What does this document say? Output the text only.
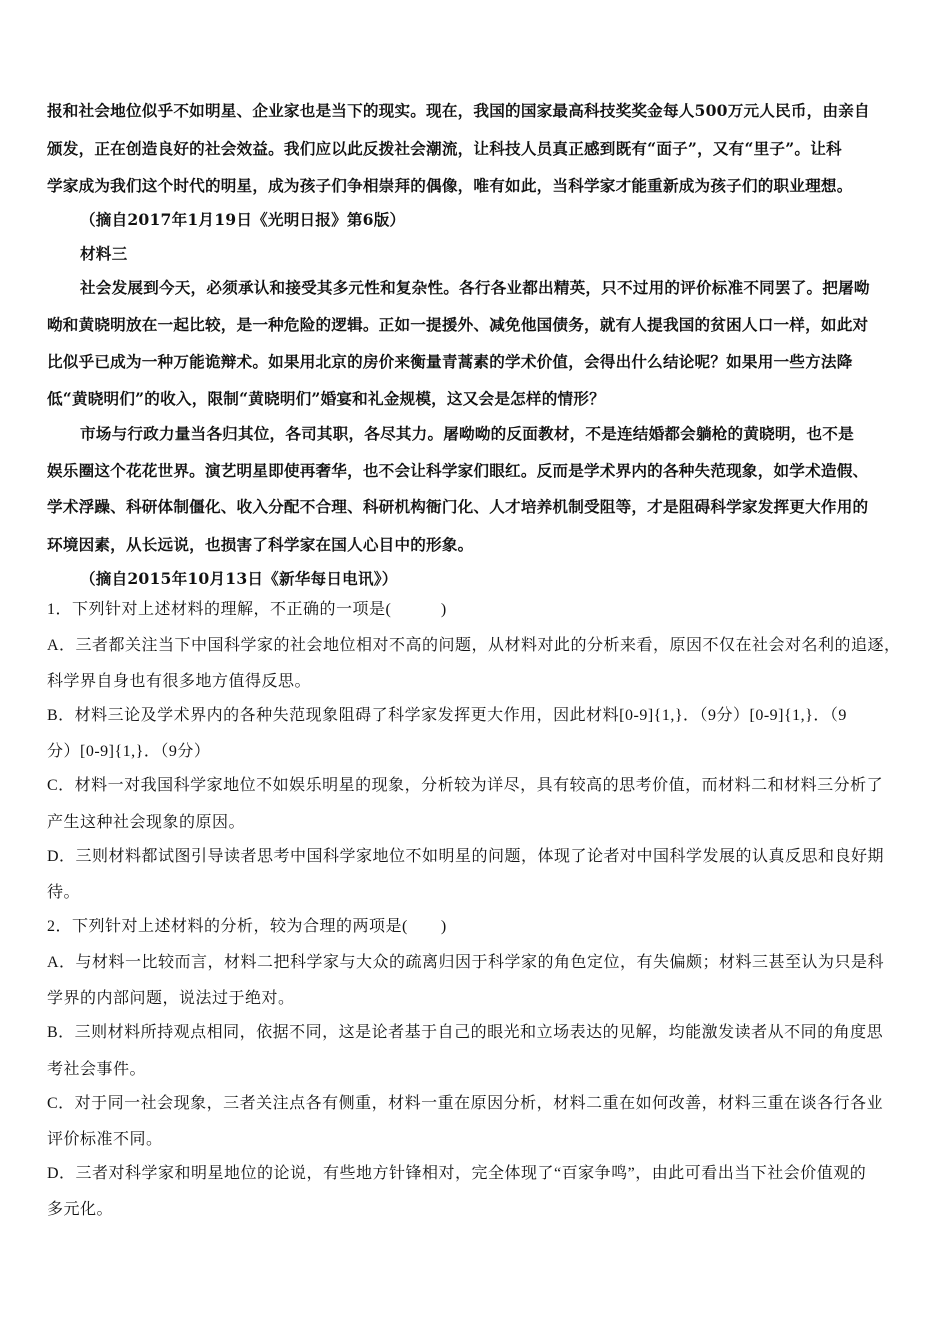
报和社会地位似乎不如明星、企业家也是当下的现实。现在，我国的国家最高科技奖奖金每人500万元人民币，由亲自
颁发，正在创造良好的社会效益。我们应以此反拨社会潮流，让科技人员真正感到既有“面子”，又有“里子”。让科
学家成为我们这个时代的明星，成为孩子们争相崇拜的偶像，唯有如此，当科学家才能重新成为孩子们的职业理想。
（摘自2017年1月19日《光明日报》第6版）
材料三
社会发展到今天，必须承认和接受其多元性和复杂性。各行各业都出精英，只不过用的评价标准不同罢了。把屠呦
呦和黄晓明放在一起比较，是一种危险的逻辑。正如一提援外、减免他国债务，就有人提我国的贫困人口一样，如此对
比似乎已成为一种万能诡辩术。如果用北京的房价来衡量青蒿素的学术价值，会得出什么结论呢？如果用一些方法降
低“黄晓明们”的收入，限制“黄晓明们”婚宴和礼金规模，这又会是怎样的情形？
市场与行政力量当各归其位，各司其职，各尽其力。屠呦呦的反面教材，不是连结婚都会躺枪的黄晓明，也不是
娱乐圈这个花花世界。演艺明星即使再奢华，也不会让科学家们眼红。反而是学术界内的各种失范现象，如学术造假、
学术浮躁、科研体制僵化、收入分配不合理、科研机构衙门化、人才培养机制受阻等，才是阻碍科学家发挥更大作用的
环境因素，从长远说，也损害了科学家在国人心目中的形象。
（摘自2015年10月13日《新华每日电讯》）
1．下列针对上述材料的理解，不正确的一项是(　　　)
A．三者都关注当下中国科学家的社会地位相对不高的问题，从材料对此的分析来看，原因不仅在社会对名利的追逐，
科学界自身也有很多地方值得反思。
B．材料三论及学术界内的各种失范现象阻碍了科学家发挥更大作用，因此材料[0-9]{1,}．（9分）[0-9]{1,}．（9
分）[0-9]{1,}．（9分）
C．材料一对我国科学家地位不如娱乐明星的现象，分析较为详尽，具有较高的思考价值，而材料二和材料三分析了
产生这种社会现象的原因。
D．三则材料都试图引导读者思考中国科学家地位不如明星的问题，体现了论者对中国科学发展的认真反思和良好期
待。
2．下列针对上述材料的分析，较为合理的两项是(　　)
A．与材料一比较而言，材料二把科学家与大众的疏离归因于科学家的角色定位，有失偏颇；材料三甚至认为只是科
学界的内部问题，说法过于绝对。
B．三则材料所持观点相同，依据不同，这是论者基于自己的眼光和立场表达的见解，均能激发读者从不同的角度思
考社会事件。
C．对于同一社会现象，三者关注点各有侧重，材料一重在原因分析，材料二重在如何改善，材料三重在谈各行各业
评价标准不同。
D．三者对科学家和明星地位的论说，有些地方针锋相对，完全体现了“百家争鸣”，由此可看出当下社会价值观的
多元化。
